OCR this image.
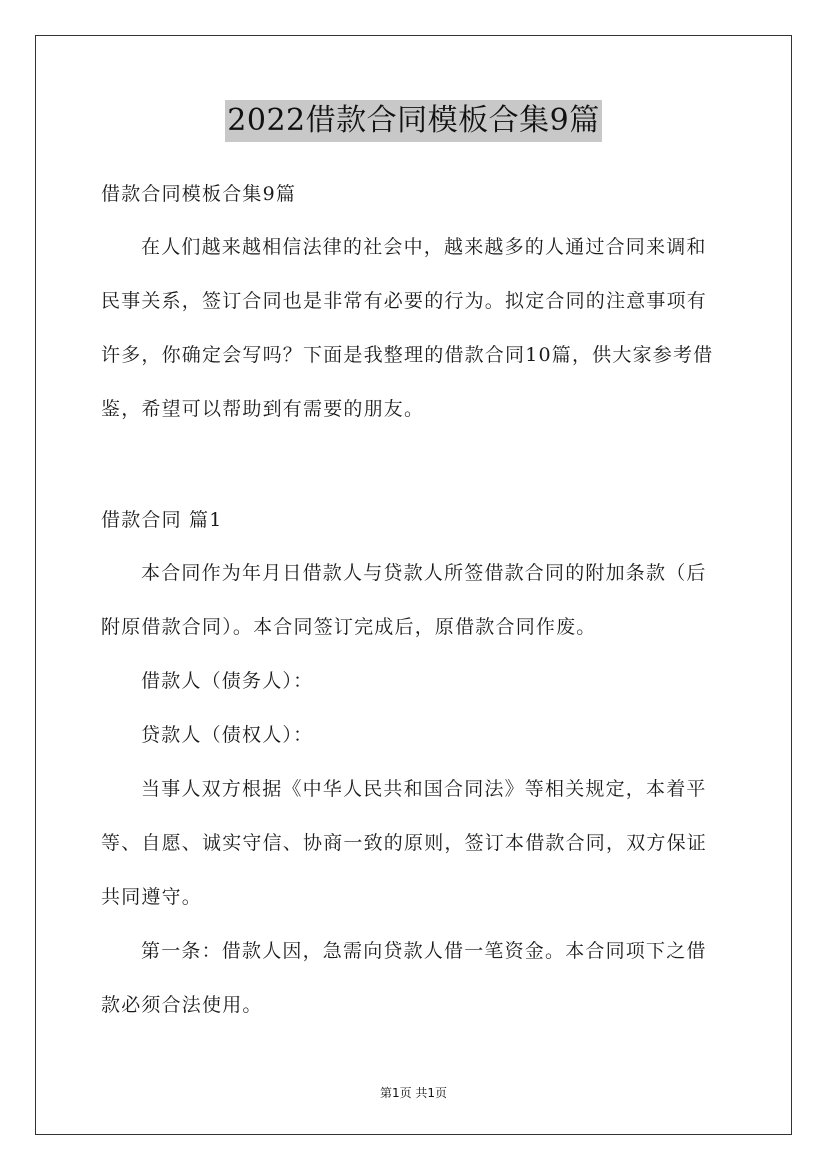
2022借款合同模板合集9篇
借款合同模板合集9篇
在人们越来越相信法律的社会中，越来越多的人通过合同来调和
民事关系，签订合同也是非常有必要的行为。拟定合同的注意事项有
许多，你确定会写吗？下面是我整理的借款合同10篇，供大家参考借
鉴，希望可以帮助到有需要的朋友。
借款合同 篇1
本合同作为年月日借款人与贷款人所签借款合同的附加条款（后
附原借款合同）。本合同签订完成后，原借款合同作废。
借款人（债务人）：
贷款人（债权人）：
当事人双方根据《中华人民共和国合同法》等相关规定，本着平
等、自愿、诚实守信、协商一致的原则，签订本借款合同，双方保证
共同遵守。
第一条：借款人因，急需向贷款人借一笔资金。本合同项下之借
款必须合法使用。
第1页 共1页
